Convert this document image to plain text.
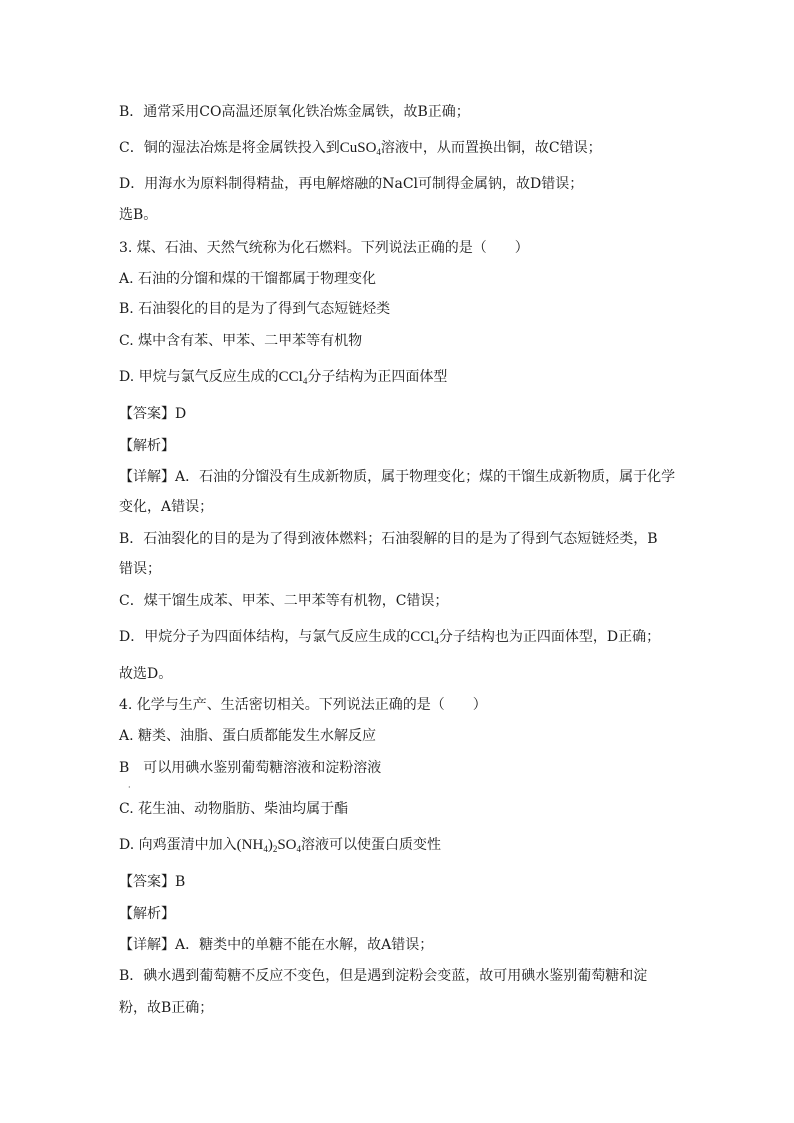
B．通常采用CO高温还原氧化铁冶炼金属铁，故B正确；
C．铜的湿法冶炼是将金属铁投入到CuSO$_4$溶液中，从而置换出铜，故C错误；
D．用海水为原料制得精盐，再电解熔融的NaCl可制得金属钠，故D错误；
选B。
3. 煤、石油、天然气统称为化石燃料。下列说法正确的是（　　）
A. 石油的分馏和煤的干馏都属于物理变化
B. 石油裂化的目的是为了得到气态短链烃类
C. 煤中含有苯、甲苯、二甲苯等有机物
D. 甲烷与氯气反应生成的CCl$_4$分子结构为正四面体型
【答案】D
【解析】
【详解】A．石油的分馏没有生成新物质，属于物理变化；煤的干馏生成新物质，属于化学
变化，A错误；
B．石油裂化的目的是为了得到液体燃料；石油裂解的目的是为了得到气态短链烃类，B
错误；
C．煤干馏生成苯、甲苯、二甲苯等有机物，C错误；
D．甲烷分子为四面体结构，与氯气反应生成的CCl$_4$分子结构也为正四面体型，D正确；
故选D。
4. 化学与生产、生活密切相关。下列说法正确的是（　　）
A. 糖类、油脂、蛋白质都能发生水解反应
B　可以用碘水鉴别葡萄糖溶液和淀粉溶液
·
C. 花生油、动物脂肪、柴油均属于酯
D. 向鸡蛋清中加入$(NH_4)_2SO_4$溶液可以使蛋白质变性
【答案】B
【解析】
【详解】A．糖类中的单糖不能在水解，故A错误；
B．碘水遇到葡萄糖不反应不变色，但是遇到淀粉会变蓝，故可用碘水鉴别葡萄糖和淀
粉，故B正确；
